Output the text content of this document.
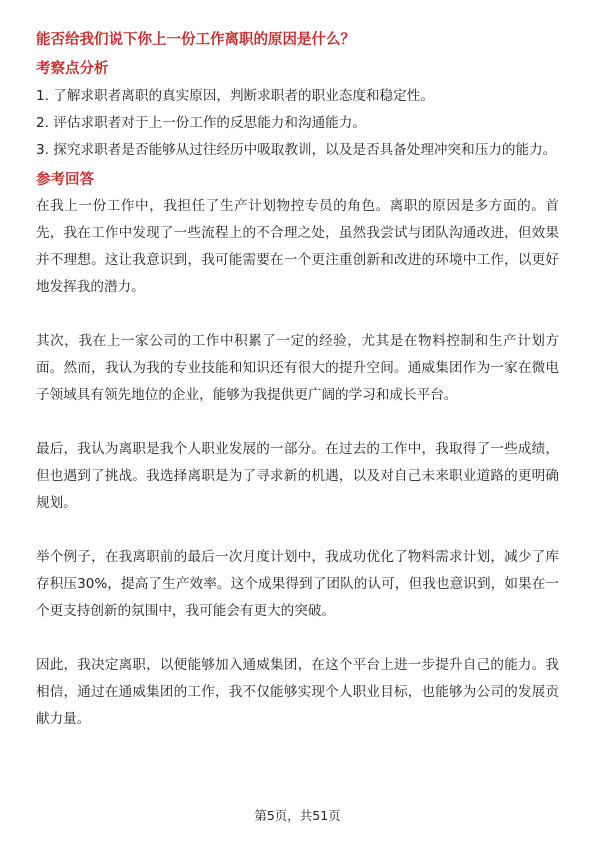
能否给我们说下你上一份工作离职的原因是什么？
考察点分析
1. 了解求职者离职的真实原因，判断求职者的职业态度和稳定性。
2. 评估求职者对于上一份工作的反思能力和沟通能力。
3. 探究求职者是否能够从过往经历中吸取教训，以及是否具备处理冲突和压力的能力。
参考回答

在我上一份工作中，我担任了生产计划物控专员的角色。离职的原因是多方面的。首先，我在工作中发现了一些流程上的不合理之处，虽然我尝试与团队沟通改进，但效果并不理想。这让我意识到，我可能需要在一个更注重创新和改进的环境中工作，以更好地发挥我的潜力。

其次，我在上一家公司的工作中积累了一定的经验，尤其是在物料控制和生产计划方面。然而，我认为我的专业技能和知识还有很大的提升空间。通威集团作为一家在微电子领域具有领先地位的企业，能够为我提供更广阔的学习和成长平台。

最后，我认为离职是我个人职业发展的一部分。在过去的工作中，我取得了一些成绩，但也遇到了挑战。我选择离职是为了寻求新的机遇，以及对自己未来职业道路的更明确规划。

举个例子，在我离职前的最后一次月度计划中，我成功优化了物料需求计划，减少了库存积压30%，提高了生产效率。这个成果得到了团队的认可，但我也意识到，如果在一个更支持创新的氛围中，我可能会有更大的突破。

因此，我决定离职，以便能够加入通威集团，在这个平台上进一步提升自己的能力。我相信，通过在通威集团的工作，我不仅能够实现个人职业目标，也能够为公司的发展贡献力量。

第5页，共51页
